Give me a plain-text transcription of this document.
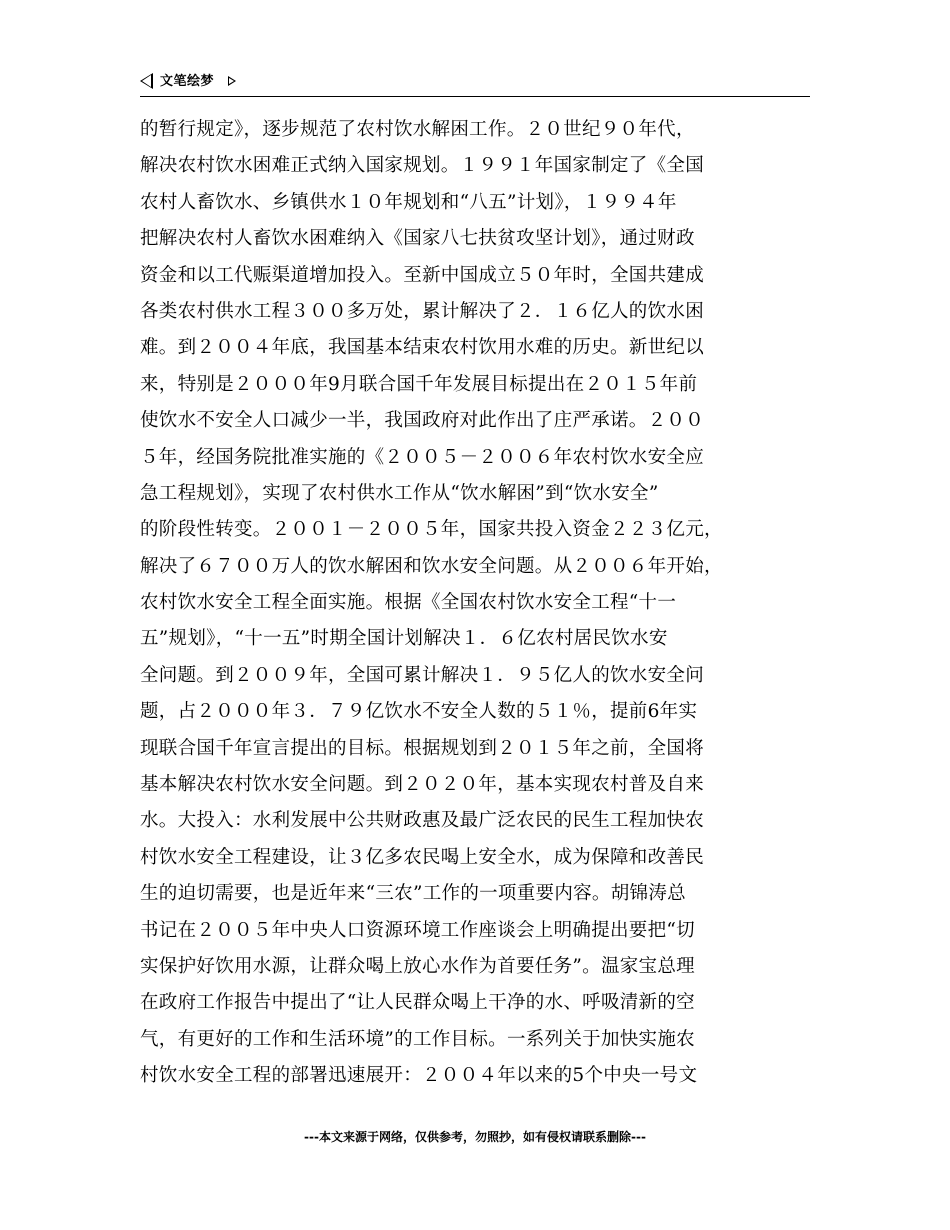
文笔绘梦
的暂行规定》，逐步规范了农村饮水解困工作。２０世纪９０年代，
解决农村饮水困难正式纳入国家规划。１９９１年国家制定了《全国
农村人畜饮水、乡镇供水１０年规划和“八五”计划》，１９９４年
把解决农村人畜饮水困难纳入《国家八七扶贫攻坚计划》，通过财政
资金和以工代赈渠道增加投入。至新中国成立５０年时，全国共建成
各类农村供水工程３００多万处，累计解决了２．１６亿人的饮水困
难。到２００４年底，我国基本结束农村饮用水难的历史。新世纪以
来，特别是２０００年9月联合国千年发展目标提出在２０１５年前
使饮水不安全人口减少一半，我国政府对此作出了庄严承诺。２００
５年，经国务院批准实施的《２００５－２００６年农村饮水安全应
急工程规划》，实现了农村供水工作从“饮水解困”到“饮水安全”
的阶段性转变。２００１－２００５年，国家共投入资金２２３亿元，
解决了６７００万人的饮水解困和饮水安全问题。从２００６年开始，
农村饮水安全工程全面实施。根据《全国农村饮水安全工程“十一
五”规划》，“十一五”时期全国计划解决１．６亿农村居民饮水安
全问题。到２００９年，全国可累计解决１．９５亿人的饮水安全问
题，占２０００年３．７９亿饮水不安全人数的５１％，提前6年实
现联合国千年宣言提出的目标。根据规划到２０１５年之前，全国将
基本解决农村饮水安全问题。到２０２０年，基本实现农村普及自来
水。大投入：水利发展中公共财政惠及最广泛农民的民生工程加快农
村饮水安全工程建设，让３亿多农民喝上安全水，成为保障和改善民
生的迫切需要，也是近年来“三农”工作的一项重要内容。胡锦涛总
书记在２００５年中央人口资源环境工作座谈会上明确提出要把“切
实保护好饮用水源，让群众喝上放心水作为首要任务”。温家宝总理
在政府工作报告中提出了“让人民群众喝上干净的水、呼吸清新的空
气，有更好的工作和生活环境”的工作目标。一系列关于加快实施农
村饮水安全工程的部署迅速展开：２００４年以来的5个中央一号文
---本文来源于网络，仅供参考，勿照抄，如有侵权请联系删除---
